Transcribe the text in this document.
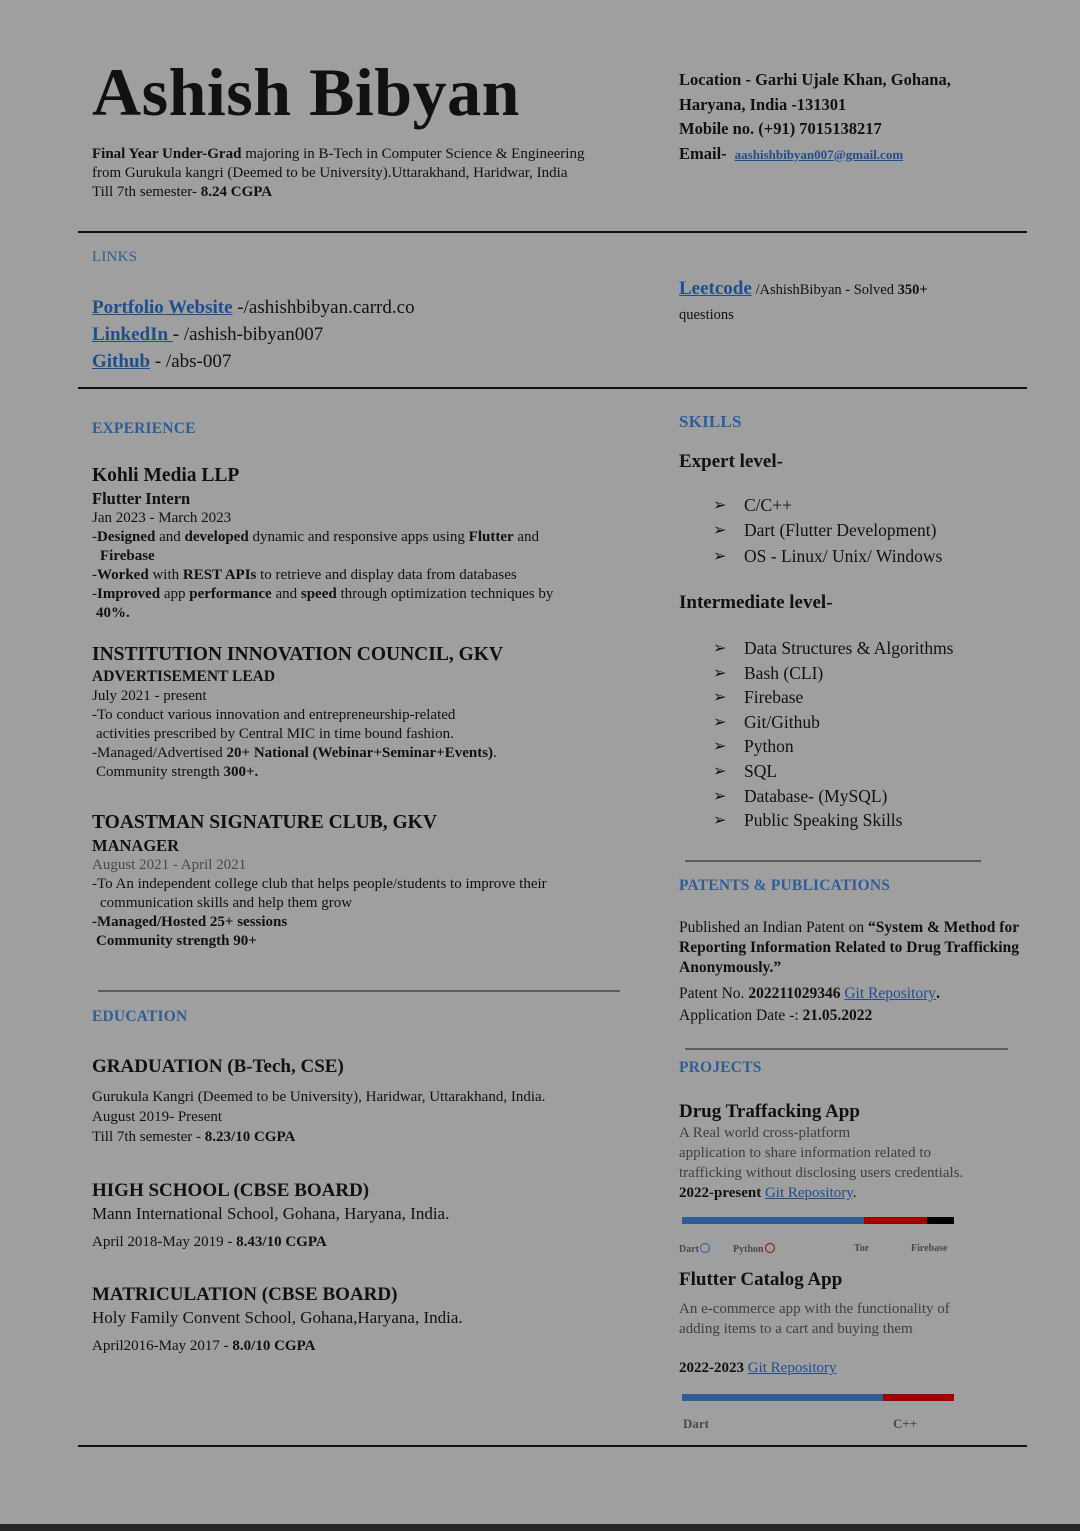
Ashish Bibyan
Final Year Under-Grad majoring in B-Tech in Computer Science & Engineering from Gurukula kangri (Deemed to be University).Uttarakhand, Haridwar, India
Till 7th semester- 8.24 CGPA
Location - Garhi Ujale Khan, Gohana,
Haryana, India -131301
Mobile no. (+91) 7015138217
Email- aashishbibyan007@gmail.com
LINKS
Portfolio Website -/ashishbibyan.carrd.co
LinkedIn - /ashish-bibyan007
Github - /abs-007
Leetcode /AshishBibyan - Solved 350+
questions
EXPERIENCE
Kohli Media LLP
Flutter Intern
Jan 2023 - March 2023
-Designed and developed dynamic and responsive apps using Flutter and
Firebase
-Worked with REST APIs to retrieve and display data from databases
-Improved app performance and speed through optimization techniques by
40%.
INSTITUTION INNOVATION COUNCIL, GKV
ADVERTISEMENT LEAD
July 2021 - present
-To conduct various innovation and entrepreneurship-related
activities prescribed by Central MIC in time bound fashion.
-Managed/Advertised 20+ National (Webinar+Seminar+Events).
Community strength 300+.
TOASTMAN SIGNATURE CLUB, GKV
MANAGER
August 2021 - April 2021
-To An independent college club that helps people/students to improve their
communication skills and help them grow
-Managed/Hosted 25+ sessions
Community strength 90+
EDUCATION
GRADUATION (B-Tech, CSE)
Gurukula Kangri (Deemed to be University), Haridwar, Uttarakhand, India.
August 2019- Present
Till 7th semester - 8.23/10 CGPA
HIGH SCHOOL (CBSE BOARD)
Mann International School, Gohana, Haryana, India.
April 2018-May 2019 - 8.43/10 CGPA
MATRICULATION (CBSE BOARD)
Holy Family Convent School, Gohana,Haryana, India.
April2016-May 2017 - 8.0/10 CGPA
SKILLS
Expert level-
➢ C/C++
➢ Dart (Flutter Development)
➢ OS - Linux/ Unix/ Windows
Intermediate level-
➢ Data Structures & Algorithms
➢ Bash (CLI)
➢ Firebase
➢ Git/Github
➢ Python
➢ SQL
➢ Database- (MySQL)
➢ Public Speaking Skills
PATENTS & PUBLICATIONS
Published an Indian Patent on “System & Method for Reporting Information Related to Drug Trafficking Anonymously.”
Patent No. 202211029346 Git Repository.
Application Date -: 21.05.2022
PROJECTS
Drug Traffacking App
A Real world cross-platform
application to share information related to
trafficking without disclosing users credentials.
2022-present Git Repository.
Dart	Python	Tor	Firebase
Flutter Catalog App
An e-commerce app with the functionality of
adding items to a cart and buying them
2022-2023 Git Repository
Dart	C++
